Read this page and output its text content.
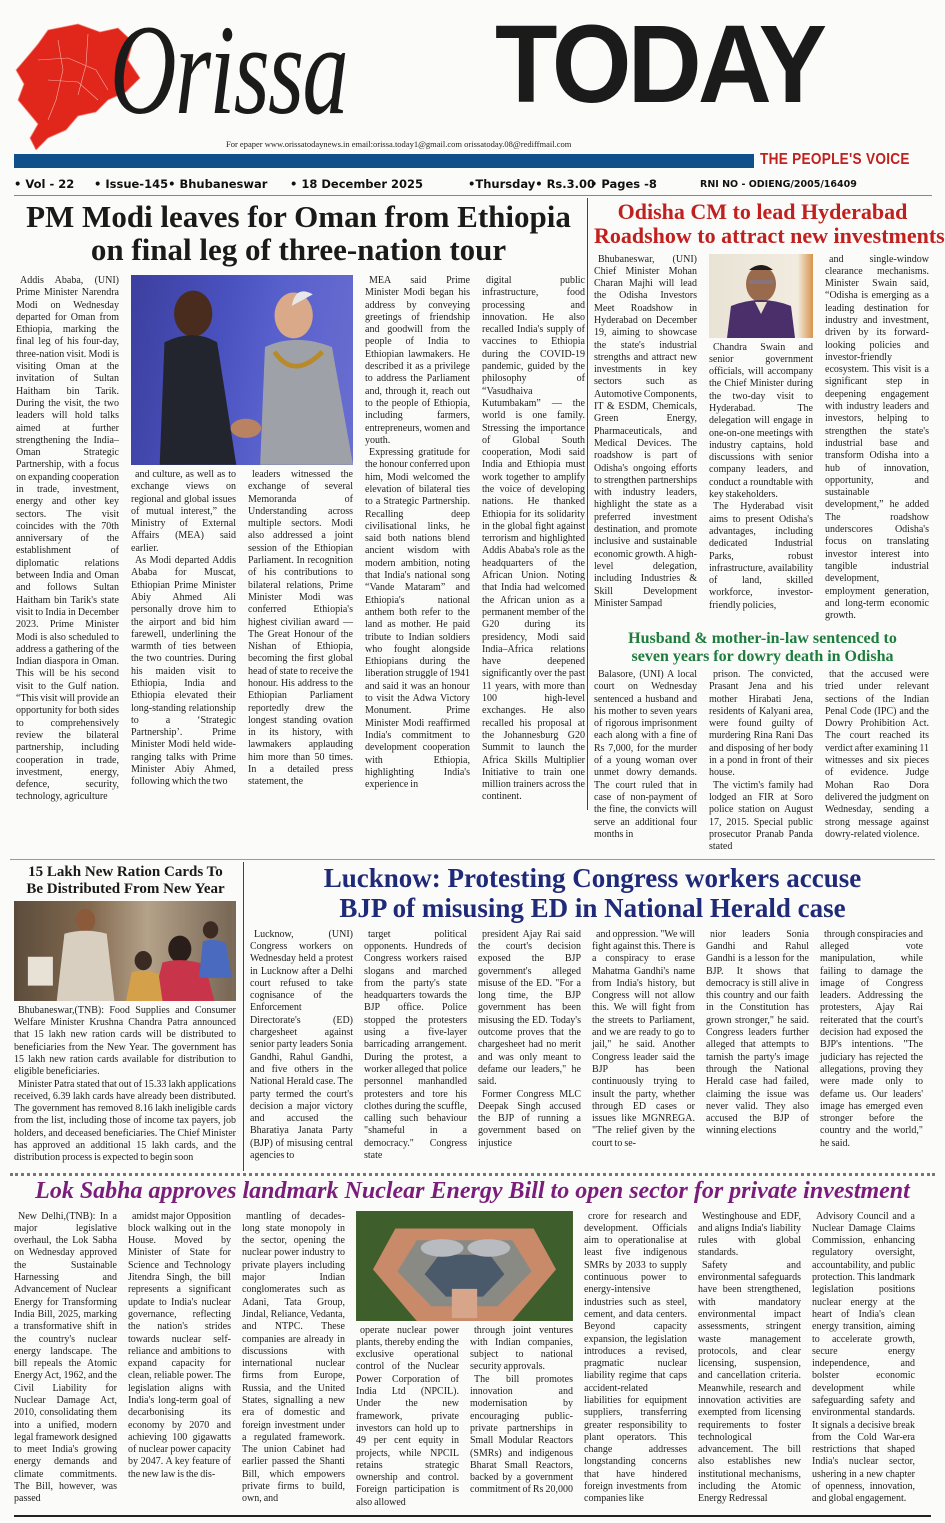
Orissa TODAY
For epaper www.orissatodaynews.in email:orissa.today1@gmail.com orissatoday.08@rediffmail.com
THE PEOPLE'S VOICE
• Vol - 22 • Issue-145• Bhubaneswar • 18 December 2025	•Thursday• Rs.3.00
• Pages -8	RNI NO - ODIENG/2005/16409
PM Modi leaves for Oman from Ethiopia
on final leg of three-nation tour

Addis Ababa, (UNI) Prime Minister Narendra Modi on Wednesday departed for Oman from Ethiopia, marking the final leg of his four-day, three-nation visit. Modi is visiting Oman at the invitation of Sultan Haitham bin Tarik. During the visit, the two leaders will hold talks aimed at further strengthening the India–Oman Strategic Partnership, with a focus on expanding cooperation in trade, investment, energy and other key sectors. The visit coincides with the 70th anniversary of the establishment of diplomatic relations between India and Oman and follows Sultan Haitham bin Tarik's state visit to India in December 2023. Prime Minister Modi is also scheduled to address a gathering of the Indian diaspora in Oman. This will be his second visit to the Gulf nation. “This visit will provide an opportunity for both sides to comprehensively review the bilateral partnership, including cooperation in trade, investment, energy, defence, security, technology, agriculture

and culture, as well as to exchange views on regional and global issues of mutual interest,” the Ministry of External Affairs (MEA) said earlier.

As Modi departed Addis Ababa for Muscat, Ethiopian Prime Minister Abiy Ahmed Ali personally drove him to the airport and bid him farewell, underlining the warmth of ties between the two countries. During his maiden visit to Ethiopia, India and Ethiopia elevated their long-standing relationship to a ‘Strategic Partnership’. Prime Minister Modi held wide-ranging talks with Prime Minister Abiy Ahmed, following which the two

leaders witnessed the exchange of several Memoranda of Understanding across multiple sectors. Modi also addressed a joint session of the Ethiopian Parliament. In recognition of his contributions to bilateral relations, Prime Minister Modi was conferred Ethiopia's highest civilian award — The Great Honour of the Nishan of Ethiopia, becoming the first global head of state to receive the honour. His address to the Ethiopian Parliament reportedly drew the longest standing ovation in its history, with lawmakers applauding him more than 50 times. In a detailed press statement, the

MEA said Prime Minister Modi began his address by conveying greetings of friendship and goodwill from the people of India to Ethiopian lawmakers. He described it as a privilege to address the Parliament and, through it, reach out to the people of Ethiopia, including farmers, entrepreneurs, women and youth.

Expressing gratitude for the honour conferred upon him, Modi welcomed the elevation of bilateral ties to a Strategic Partnership. Recalling deep civilisational links, he said both nations blend ancient wisdom with modern ambition, noting that India's national song “Vande Mataram” and Ethiopia's national anthem both refer to the land as mother. He paid tribute to Indian soldiers who fought alongside Ethiopians during the liberation struggle of 1941 and said it was an honour to visit the Adwa Victory Monument. Prime Minister Modi reaffirmed India's commitment to development cooperation with Ethiopia, highlighting India's experience in

digital public infrastructure, food processing and innovation. He also recalled India's supply of vaccines to Ethiopia during the COVID-19 pandemic, guided by the philosophy of “Vasudhaiva Kutumbakam” — the world is one family. Stressing the importance of Global South cooperation, Modi said India and Ethiopia must work together to amplify the voice of developing nations. He thanked Ethiopia for its solidarity in the global fight against terrorism and highlighted Addis Ababa's role as the headquarters of the African Union. Noting that India had welcomed the African union as a permanent member of the G20 during its presidency, Modi said India–Africa relations have deepened significantly over the past 11 years, with more than 100 high-level exchanges. He also recalled his proposal at the Johannesburg G20 Summit to launch the Africa Skills Multiplier Initiative to train one million trainers across the continent.

Odisha CM to lead Hyderabad
Roadshow to attract new investments

Bhubaneswar, (UNI) Chief Minister Mohan Charan Majhi will lead the Odisha Investors Meet Roadshow in Hyderabad on December 19, aiming to showcase the state's industrial strengths and attract new investments in key sectors such as Automotive Components, IT & ESDM, Chemicals, Green Energy, Pharmaceuticals, and Medical Devices. The roadshow is part of Odisha's ongoing efforts to strengthen partnerships with industry leaders, highlight the state as a preferred investment destination, and promote inclusive and sustainable economic growth. A high-level delegation, including Industries & Skill Development Minister Sampad

Chandra Swain and senior government officials, will accompany the Chief Minister during the two-day visit to Hyderabad. The delegation will engage in one-on-one meetings with industry captains, hold discussions with senior company leaders, and conduct a roundtable with key stakeholders.

The Hyderabad visit aims to present Odisha's advantages, including dedicated Industrial Parks, robust infrastructure, availability of land, skilled workforce, investor-friendly policies,

and single-window clearance mechanisms. Minister Swain said, “Odisha is emerging as a leading destination for industry and investment, driven by its forward-looking policies and investor-friendly ecosystem. This visit is a significant step in deepening engagement with industry leaders and investors, helping to strengthen the state's industrial base and transform Odisha into a hub of innovation, opportunity, and sustainable development,” he added The roadshow underscores Odisha's focus on translating investor interest into tangible industrial development, employment generation, and long-term economic growth.

Husband & mother-in-law sentenced to
seven years for dowry death in Odisha

Balasore, (UNI) A local court on Wednesday sentenced a husband and his mother to seven years of rigorous imprisonment each along with a fine of Rs 7,000, for the murder of a young woman over unmet dowry demands. The court ruled that in case of non-payment of the fine, the convicts will serve an additional four months in

prison. The convicted, Prasant Jena and his mother Hirabati Jena, residents of Kalyani area, were found guilty of murdering Rina Rani Das and disposing of her body in a pond in front of their house.

The victim's family had lodged an FIR at Soro police station on August 17, 2015. Special public prosecutor Pranab Panda stated

that the accused were tried under relevant sections of the Indian Penal Code (IPC) and the Dowry Prohibition Act. The court reached its verdict after examining 11 witnesses and six pieces of evidence. Judge Mohan Rao Dora delivered the judgment on Wednesday, sending a strong message against dowry-related violence.

15 Lakh New Ration Cards To
Be Distributed From New Year

Bhubaneswar,(TNB): Food Supplies and Consumer Welfare Minister Krushna Chandra Patra announced that 15 lakh new ration cards will be distributed to beneficiaries from the New Year. The government has 15 lakh new ration cards available for distribution to eligible beneficiaries.

Minister Patra stated that out of 15.33 lakh applications received, 6.39 lakh cards have already been distributed. The government has removed 8.16 lakh ineligible cards from the list, including those of income tax payers, job holders, and deceased beneficiaries. The Chief Minister has approved an additional 15 lakh cards, and the distribution process is expected to begin soon

Lucknow: Protesting Congress workers accuse
BJP of misusing ED in National Herald case

Lucknow, (UNI) Congress workers on Wednesday held a protest in Lucknow after a Delhi court refused to take cognisance of the Enforcement Directorate's (ED) chargesheet against senior party leaders Sonia Gandhi, Rahul Gandhi, and five others in the National Herald case. The party termed the court's decision a major victory and accused the Bharatiya Janata Party (BJP) of misusing central agencies to

target political opponents. Hundreds of Congress workers raised slogans and marched from the party's state headquarters towards the BJP office. Police stopped the protesters using a five-layer barricading arrangement. During the protest, a worker alleged that police personnel manhandled protesters and tore his clothes during the scuffle, calling such behaviour "shameful in a democracy." Congress state

president Ajay Rai said the court's decision exposed the BJP government's alleged misuse of the ED. "For a long time, the BJP government has been misusing the ED. Today's outcome proves that the chargesheet had no merit and was only meant to defame our leaders," he said.

Former Congress MLC Deepak Singh accused the BJP of running a government based on injustice

and oppression. "We will fight against this. There is a conspiracy to erase Mahatma Gandhi's name from India's history, but Congress will not allow this. We will fight from the streets to Parliament, and we are ready to go to jail," he said. Another Congress leader said the BJP has been continuously trying to insult the party, whether through ED cases or issues like MGNREGA. "The relief given by the court to se-

nior leaders Sonia Gandhi and Rahul Gandhi is a lesson for the BJP. It shows that democracy is still alive in this country and our faith in the Constitution has grown stronger," he said. Congress leaders further alleged that attempts to tarnish the party's image through the National Herald case had failed, claiming the issue was never valid. They also accused the BJP of winning elections

through conspiracies and alleged vote manipulation, while failing to damage the image of Congress leaders. Addressing the protesters, Ajay Rai reiterated that the court's decision had exposed the BJP's intentions. "The judiciary has rejected the allegations, proving they were made only to defame us. Our leaders' image has emerged even stronger before the country and the world," he said.

Lok Sabha approves landmark Nuclear Energy Bill to open sector for private investment

New Delhi,(TNB): In a major legislative overhaul, the Lok Sabha on Wednesday approved the Sustainable Harnessing and Advancement of Nuclear Energy for Transforming India Bill, 2025, marking a transformative shift in the country's nuclear energy landscape. The bill repeals the Atomic Energy Act, 1962, and the Civil Liability for Nuclear Damage Act, 2010, consolidating them into a unified, modern legal framework designed to meet India's growing energy demands and climate commitments. The Bill, however, was passed

amidst major Opposition block walking out in the House. Moved by Minister of State for Science and Technology Jitendra Singh, the bill represents a significant update to India's nuclear governance, reflecting the nation's strides towards nuclear self-reliance and ambitions to expand capacity for clean, reliable power. The legislation aligns with India's long-term goal of decarbonising its economy by 2070 and achieving 100 gigawatts of nuclear power capacity by 2047. A key feature of the new law is the dis-

mantling of decades-long state monopoly in the sector, opening the nuclear power industry to private players including major Indian conglomerates such as Adani, Tata Group, Jindal, Reliance, Vedanta, and NTPC. These companies are already in discussions with international nuclear firms from Europe, Russia, and the United States, signalling a new era of domestic and foreign investment under a regulated framework. The union Cabinet had earlier passed the Shanti Bill, which empowers private firms to build, own, and

operate nuclear power plants, thereby ending the exclusive operational control of the Nuclear Power Corporation of India Ltd (NPCIL). Under the new framework, private investors can hold up to 49 per cent equity in projects, while NPCIL retains strategic ownership and control. Foreign participation is also allowed

through joint ventures with Indian companies, subject to national security approvals.

The bill promotes innovation and modernisation by encouraging public-private partnerships in Small Modular Reactors (SMRs) and indigenous Bharat Small Reactors, backed by a government commitment of Rs 20,000

crore for research and development. Officials aim to operationalise at least five indigenous SMRs by 2033 to supply continuous power to energy-intensive industries such as steel, cement, and data centers. Beyond capacity expansion, the legislation introduces a revised, pragmatic nuclear liability regime that caps accident-related liabilities for equipment suppliers, transferring greater responsibility to plant operators. This change addresses longstanding concerns that have hindered foreign investments from companies like

Westinghouse and EDF, and aligns India's liability rules with global standards.

Safety and environmental safeguards have been strengthened, with mandatory environmental impact assessments, stringent waste management protocols, and clear licensing, suspension, and cancellation criteria. Meanwhile, research and innovation activities are exempted from licensing requirements to foster technological advancement. The bill also establishes new institutional mechanisms, including the Atomic Energy Redressal

Advisory Council and a Nuclear Damage Claims Commission, enhancing regulatory oversight, accountability, and public protection. This landmark legislation positions nuclear energy at the heart of India's clean energy transition, aiming to accelerate growth, secure energy independence, and bolster economic development while safeguarding safety and environmental standards. It signals a decisive break from the Cold War-era restrictions that shaped India's nuclear sector, ushering in a new chapter of openness, innovation, and global engagement.
